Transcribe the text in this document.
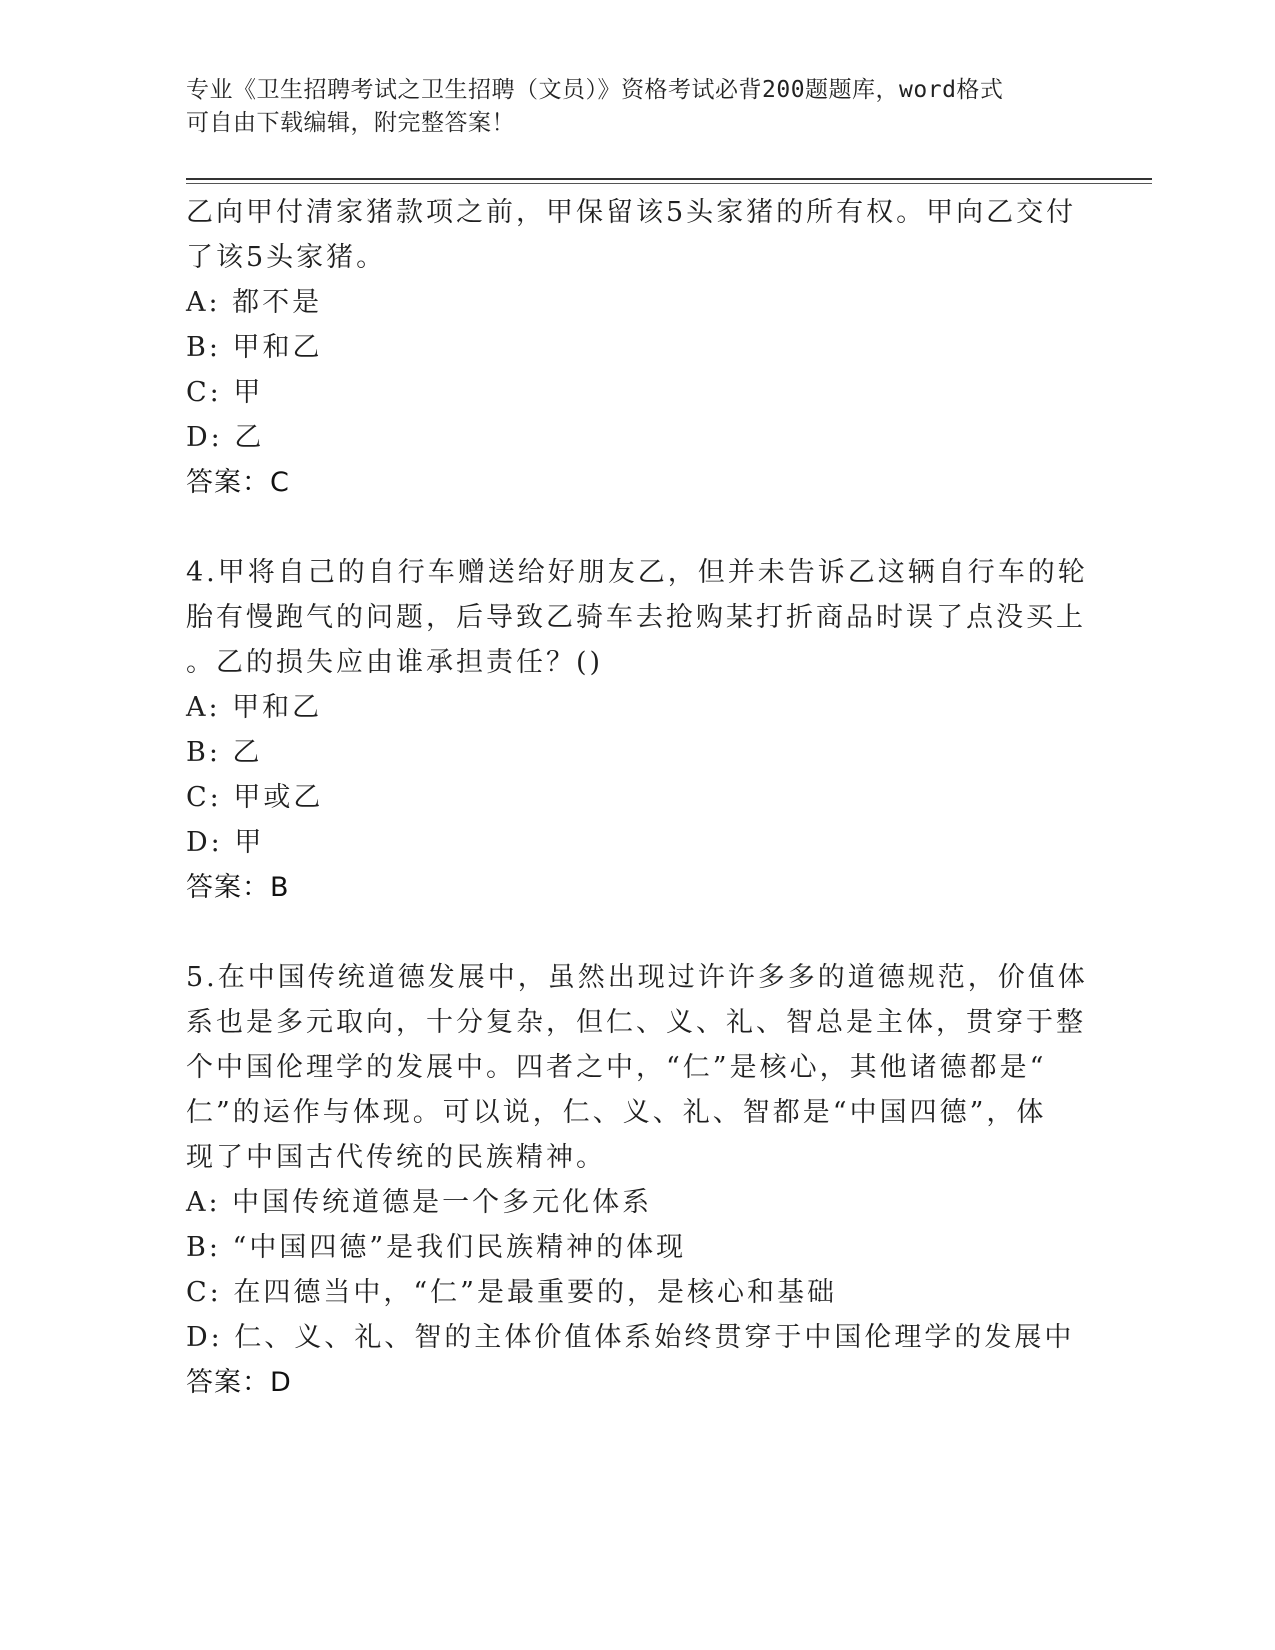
专业《卫生招聘考试之卫生招聘（文员）》资格考试必背200题题库，word格式
可自由下载编辑，附完整答案！
乙向甲付清家猪款项之前，甲保留该5头家猪的所有权。甲向乙交付
了该5头家猪。
A: 都不是
B: 甲和乙
C: 甲
D: 乙
答案：C
4.甲将自己的自行车赠送给好朋友乙，但并未告诉乙这辆自行车的轮
胎有慢跑气的问题，后导致乙骑车去抢购某打折商品时误了点没买上
。乙的损失应由谁承担责任？()
A: 甲和乙
B: 乙
C: 甲或乙
D: 甲
答案：B
5.在中国传统道德发展中，虽然出现过许许多多的道德规范，价值体
系也是多元取向，十分复杂，但仁、义、礼、智总是主体，贯穿于整
个中国伦理学的发展中。四者之中，“仁”是核心，其他诸德都是“
仁”的运作与体现。可以说，仁、义、礼、智都是“中国四德”，体
现了中国古代传统的民族精神。
A: 中国传统道德是一个多元化体系
B: “中国四德”是我们民族精神的体现
C: 在四德当中，“仁”是最重要的，是核心和基础
D: 仁、义、礼、智的主体价值体系始终贯穿于中国伦理学的发展中
答案：D
